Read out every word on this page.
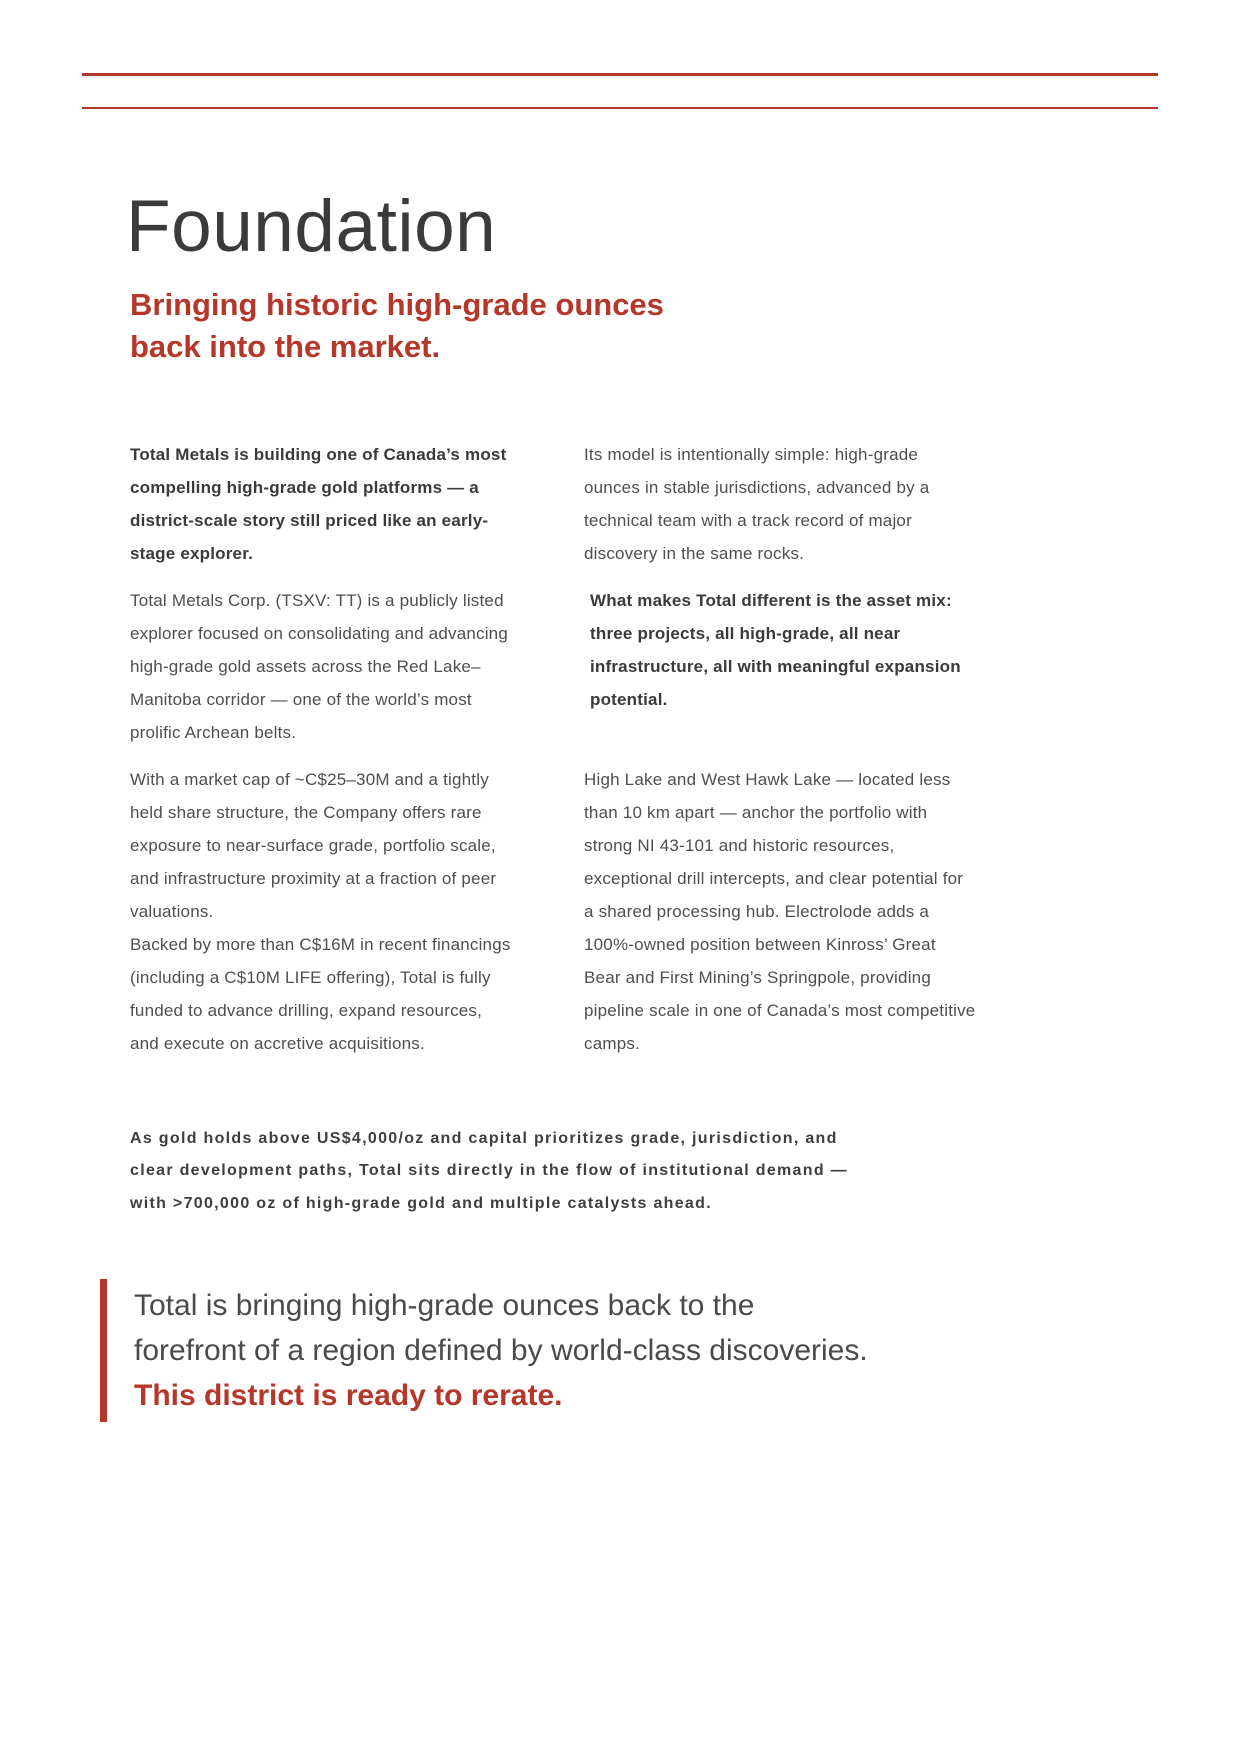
Foundation
Bringing historic high-grade ounces
back into the market.

Total Metals is building one of Canada’s most compelling high-grade gold platforms — a district-scale story still priced like an early-stage explorer.

Its model is intentionally simple: high-grade ounces in stable jurisdictions, advanced by a technical team with a track record of major discovery in the same rocks.

Total Metals Corp. (TSXV: TT) is a publicly listed explorer focused on consolidating and advancing high-grade gold assets across the Red Lake–Manitoba corridor — one of the world’s most prolific Archean belts.

What makes Total different is the asset mix: three projects, all high-grade, all near infrastructure, all with meaningful expansion potential.

With a market cap of ~C$25–30M and a tightly held share structure, the Company offers rare exposure to near-surface grade, portfolio scale, and infrastructure proximity at a fraction of peer valuations.

Backed by more than C$16M in recent financings (including a C$10M LIFE offering), Total is fully funded to advance drilling, expand resources, and execute on accretive acquisitions.

High Lake and West Hawk Lake — located less than 10 km apart — anchor the portfolio with strong NI 43-101 and historic resources, exceptional drill intercepts, and clear potential for a shared processing hub. Electrolode adds a 100%-owned position between Kinross’ Great Bear and First Mining’s Springpole, providing pipeline scale in one of Canada’s most competitive camps.

As gold holds above US$4,000/oz and capital prioritizes grade, jurisdiction, and
clear development paths, Total sits directly in the flow of institutional demand —
with >700,000 oz of high-grade gold and multiple catalysts ahead.

Total is bringing high-grade ounces back to the
forefront of a region defined by world-class discoveries.

This district is ready to rerate.
